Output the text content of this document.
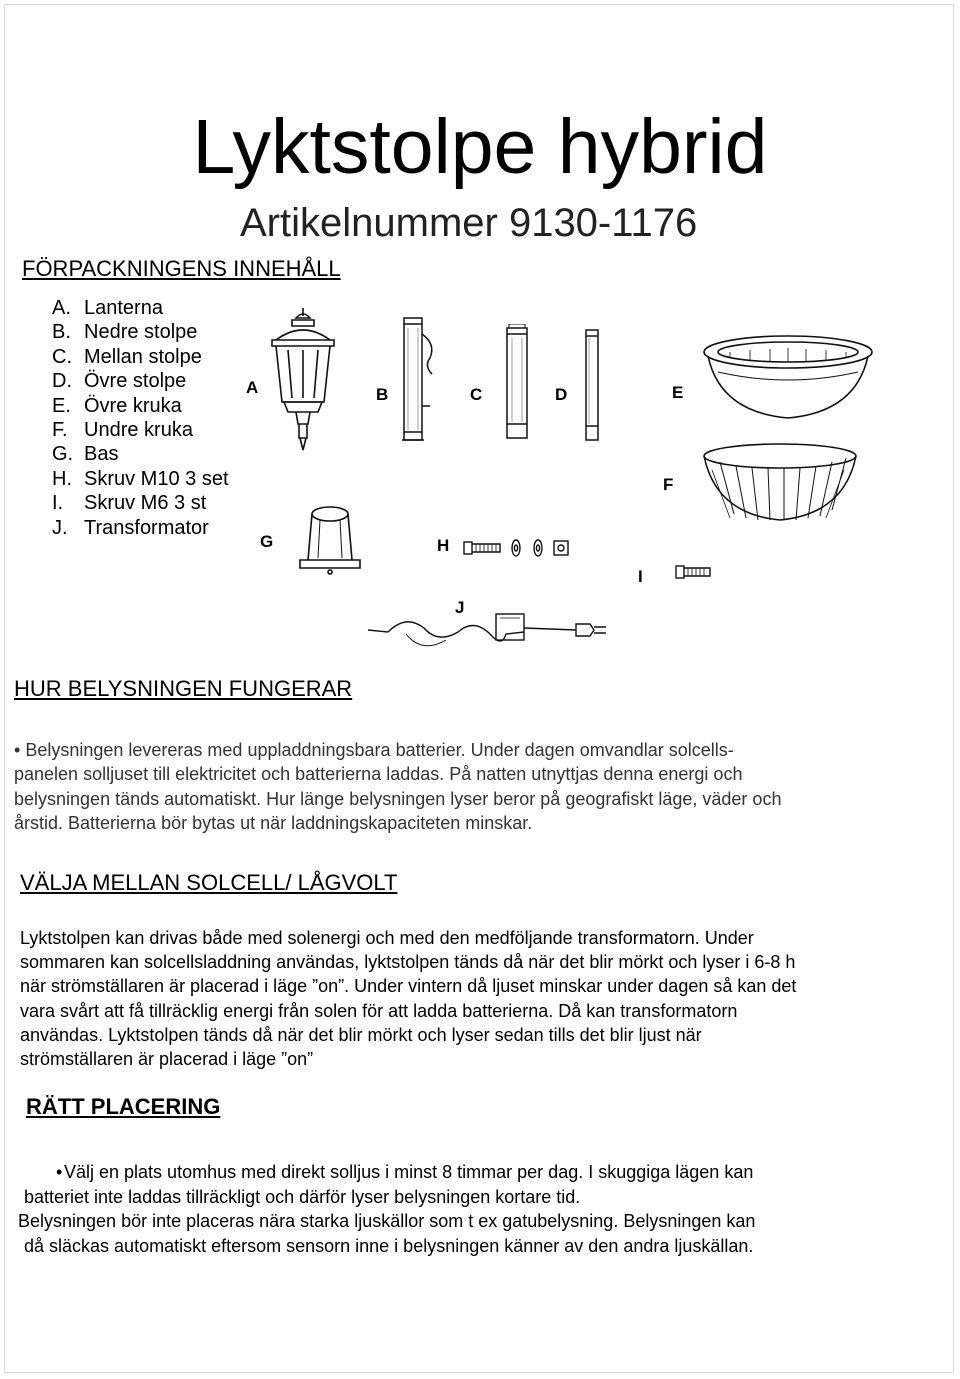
Lyktstolpe hybrid
Artikelnummer 9130-1176
FÖRPACKNINGENS INNEHÅLL
A. Lanterna
B. Nedre stolpe
C. Mellan stolpe
D. Övre stolpe
E. Övre kruka
F. Undre kruka
G. Bas
H. Skruv M10 3 set
I. Skruv M6 3 st
J. Transformator
A	B	C	D	E
F
G	H
I
J
HUR BELYSNINGEN FUNGERAR
• Belysningen levereras med uppladdningsbara batterier. Under dagen omvandlar solcells-
panelen solljuset till elektricitet och batterierna laddas. På natten utnyttjas denna energi och
belysningen tänds automatiskt. Hur länge belysningen lyser beror på geografiskt läge, väder och
årstid. Batterierna bör bytas ut när laddningskapaciteten minskar.
VÄLJA MELLAN SOLCELL/ LÅGVOLT
Lyktstolpen kan drivas både med solenergi och med den medföljande transformatorn. Under
sommaren kan solcellsladdning användas, lyktstolpen tänds då när det blir mörkt och lyser i 6-8 h
när strömställaren är placerad i läge ”on”. Under vintern då ljuset minskar under dagen så kan det
vara svårt att få tillräcklig energi från solen för att ladda batterierna. Då kan transformatorn
användas. Lyktstolpen tänds då när det blir mörkt och lyser sedan tills det blir ljust när
strömställaren är placerad i läge ”on”
RÄTT PLACERING
•Välj en plats utomhus med direkt solljus i minst 8 timmar per dag. I skuggiga lägen kan
batteriet inte laddas tillräckligt och därför lyser belysningen kortare tid.
Belysningen bör inte placeras nära starka ljuskällor som t ex gatubelysning. Belysningen kan
då släckas automatiskt eftersom sensorn inne i belysningen känner av den andra ljuskällan.
